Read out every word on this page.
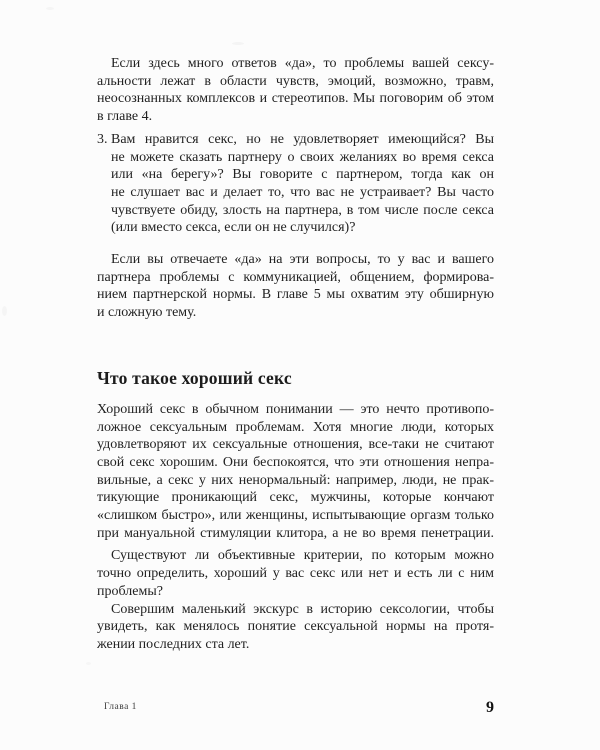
Если здесь много ответов «да», то проблемы вашей сексу-
альности лежат в области чувств, эмоций, возможно, травм,
неосознанных комплексов и стереотипов. Мы поговорим об этом
в главе 4.
3. Вам нравится секс, но не удовлетворяет имеющийся? Вы
не можете сказать партнеру о своих желаниях во время секса
или «на берегу»? Вы говорите с партнером, тогда как он
не слушает вас и делает то, что вас не устраивает? Вы часто
чувствуете обиду, злость на партнера, в том числе после секса
(или вместо секса, если он не случился)?
Если вы отвечаете «да» на эти вопросы, то у вас и вашего
партнера проблемы с коммуникацией, общением, формирова-
нием партнерской нормы. В главе 5 мы охватим эту обширную
и сложную тему.
Что такое хороший секс
Хороший секс в обычном понимании — это нечто противопо-
ложное сексуальным проблемам. Хотя многие люди, которых
удовлетворяют их сексуальные отношения, все-таки не считают
свой секс хорошим. Они беспокоятся, что эти отношения непра-
вильные, а секс у них ненормальный: например, люди, не прак-
тикующие проникающий секс, мужчины, которые кончают
«слишком быстро», или женщины, испытывающие оргазм только
при мануальной стимуляции клитора, а не во время пенетрации.
Существуют ли объективные критерии, по которым можно
точно определить, хороший у вас секс или нет и есть ли с ним
проблемы?
Совершим маленький экскурс в историю сексологии, чтобы
увидеть, как менялось понятие сексуальной нормы на протя-
жении последних ста лет.
Глава 1	9
